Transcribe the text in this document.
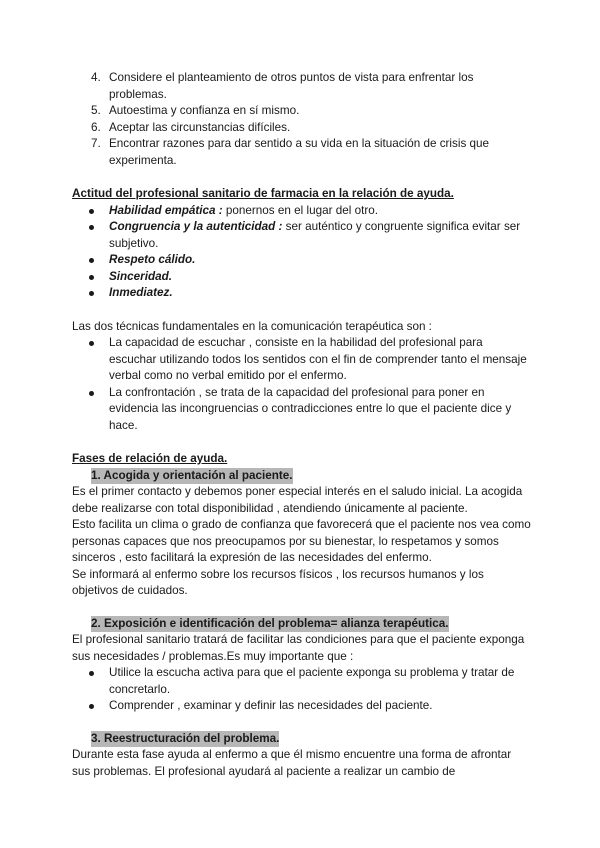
4. Considere el planteamiento de otros puntos de vista para enfrentar los problemas.
5. Autoestima y confianza en sí mismo.
6. Aceptar las circunstancias difíciles.
7. Encontrar razones para dar sentido a su vida en la situación de crisis que experimenta.

Actitud del profesional sanitario de farmacia en la relación de ayuda.

Habilidad empática : ponernos en el lugar del otro.
Congruencia y la autenticidad : ser auténtico y congruente significa evitar ser subjetivo.
Respeto cálido.
Sinceridad.
Inmediatez.

Las dos técnicas fundamentales en la comunicación terapéutica son :

La capacidad de escuchar , consiste en la habilidad del profesional para escuchar utilizando todos los sentidos con el fin de comprender tanto el mensaje verbal como no verbal emitido por el enfermo.
La confrontación , se trata de la capacidad del profesional para poner en evidencia las incongruencias o contradicciones entre lo que el paciente dice y hace.

Fases de relación de ayuda.

1. Acogida y orientación al paciente.

Es el primer contacto y debemos poner especial interés en el saludo inicial. La acogida debe realizarse con total disponibilidad , atendiendo únicamente al paciente.

Esto facilita un clima o grado de confianza que favorecerá que el paciente nos vea como personas capaces que nos preocupamos por su bienestar, lo respetamos y somos sinceros , esto facilitará la expresión de las necesidades del enfermo.

Se informará al enfermo sobre los recursos físicos , los recursos humanos y los objetivos de cuidados.

2. Exposición e identificación del problema= alianza terapéutica.

El profesional sanitario tratará de facilitar las condiciones para que el paciente exponga sus necesidades / problemas.Es muy importante que :

Utilice la escucha activa para que el paciente exponga su problema y tratar de concretarlo.
Comprender , examinar y definir las necesidades del paciente.
3. Reestructuración del problema.

Durante esta fase ayuda al enfermo a que él mismo encuentre una forma de afrontar sus problemas. El profesional ayudará al paciente a realizar un cambio de
